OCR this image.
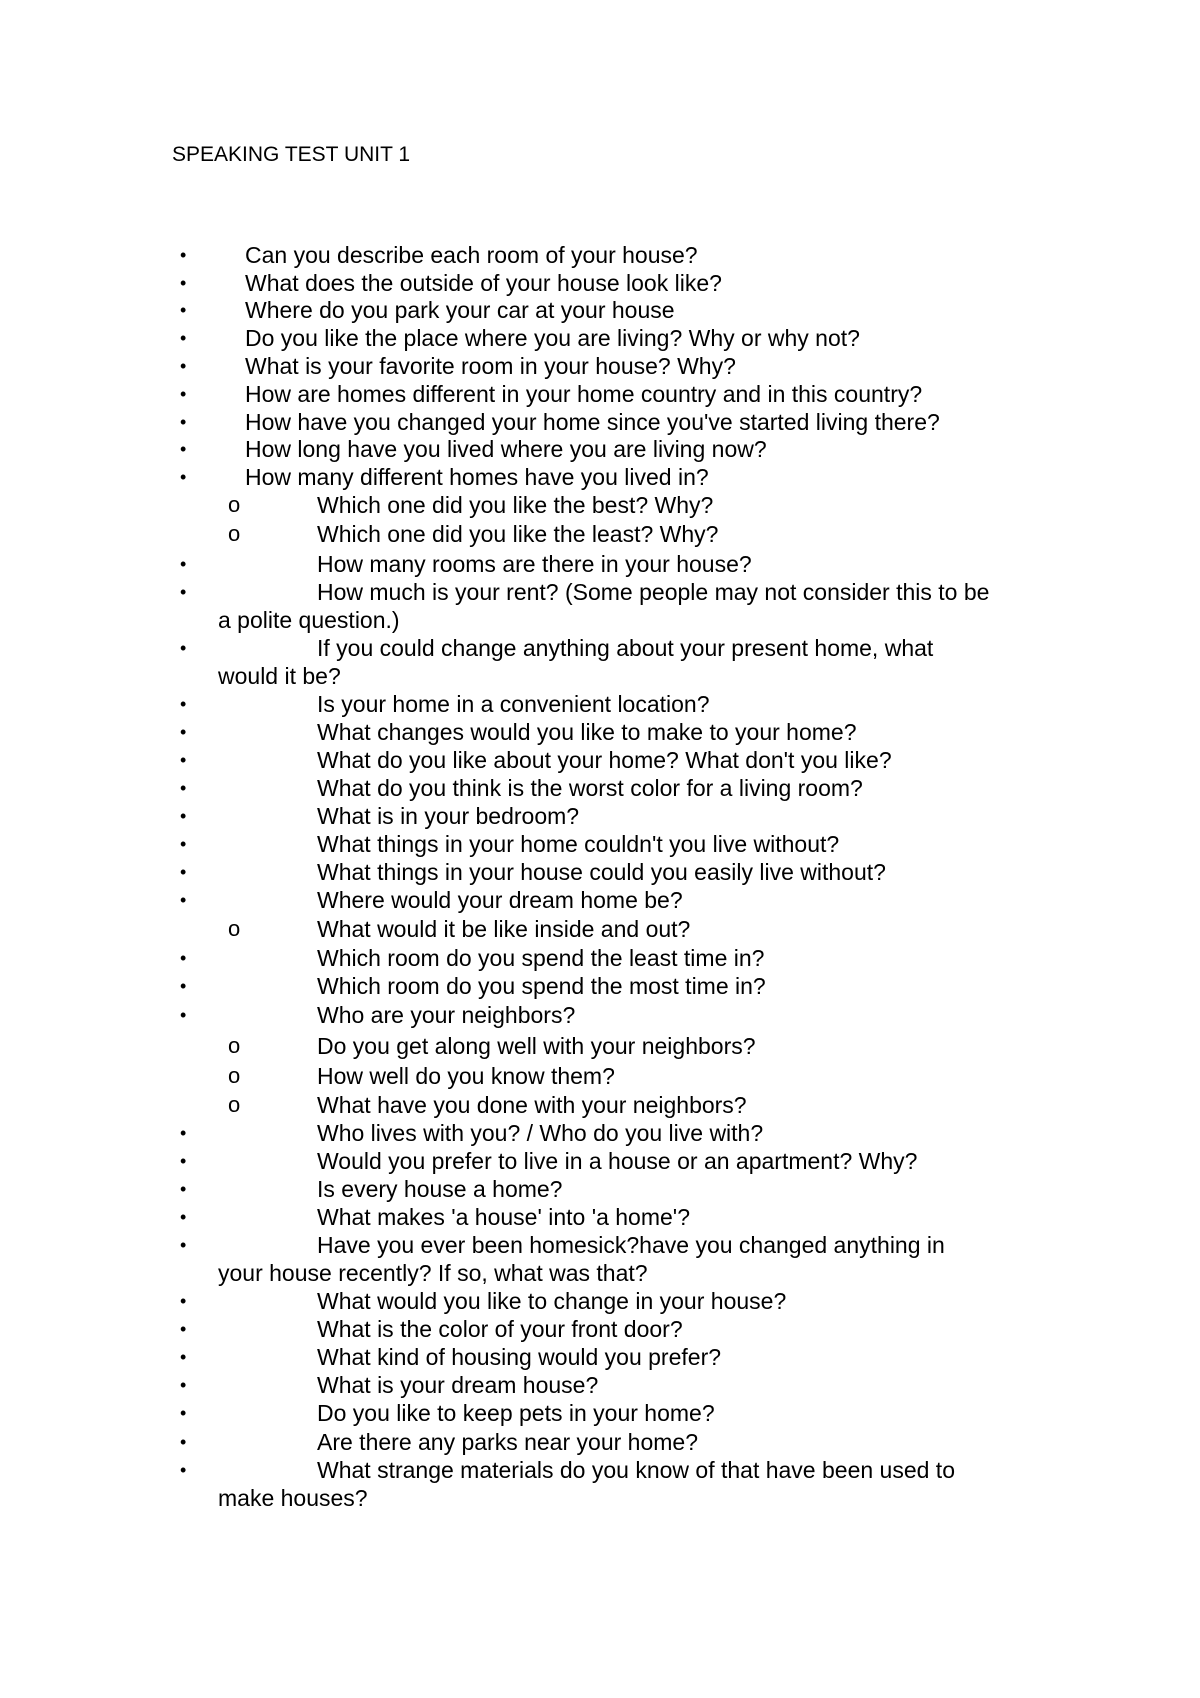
SPEAKING TEST UNIT 1
•	Can you describe each room of your house?
•	What does the outside of your house look like?
•	Where do you park your car at your house
•	Do you like the place where you are living? Why or why not?
•	What is your favorite room in your house? Why?
•	How are homes different in your home country and in this country?
•	How have you changed your home since you've started living there?
•	How long have you lived where you are living now?
•	How many different homes have you lived in?
o	Which one did you like the best? Why?
o	Which one did you like the least? Why?
•	How many rooms are there in your house?
•	How much is your rent? (Some people may not consider this to be
a polite question.)
•	If you could change anything about your present home, what
would it be?
•	Is your home in a convenient location?
•	What changes would you like to make to your home?
•	What do you like about your home? What don't you like?
•	What do you think is the worst color for a living room?
•	What is in your bedroom?
•	What things in your home couldn't you live without?
•	What things in your house could you easily live without?
•	Where would your dream home be?
o	What would it be like inside and out?
•	Which room do you spend the least time in?
•	Which room do you spend the most time in?
•	Who are your neighbors?
o	Do you get along well with your neighbors?
o	How well do you know them?
o	What have you done with your neighbors?
•	Who lives with you? / Who do you live with?
•	Would you prefer to live in a house or an apartment? Why?
•	Is every house a home?
•	What makes 'a house' into 'a home'?
•	Have you ever been homesick?have you changed anything in
your house recently? If so, what was that?
•	What would you like to change in your house?
•	What is the color of your front door?
•	What kind of housing would you prefer?
•	What is your dream house?
•	Do you like to keep pets in your home?
•	Are there any parks near your home?
•	What strange materials do you know of that have been used to
make houses?
